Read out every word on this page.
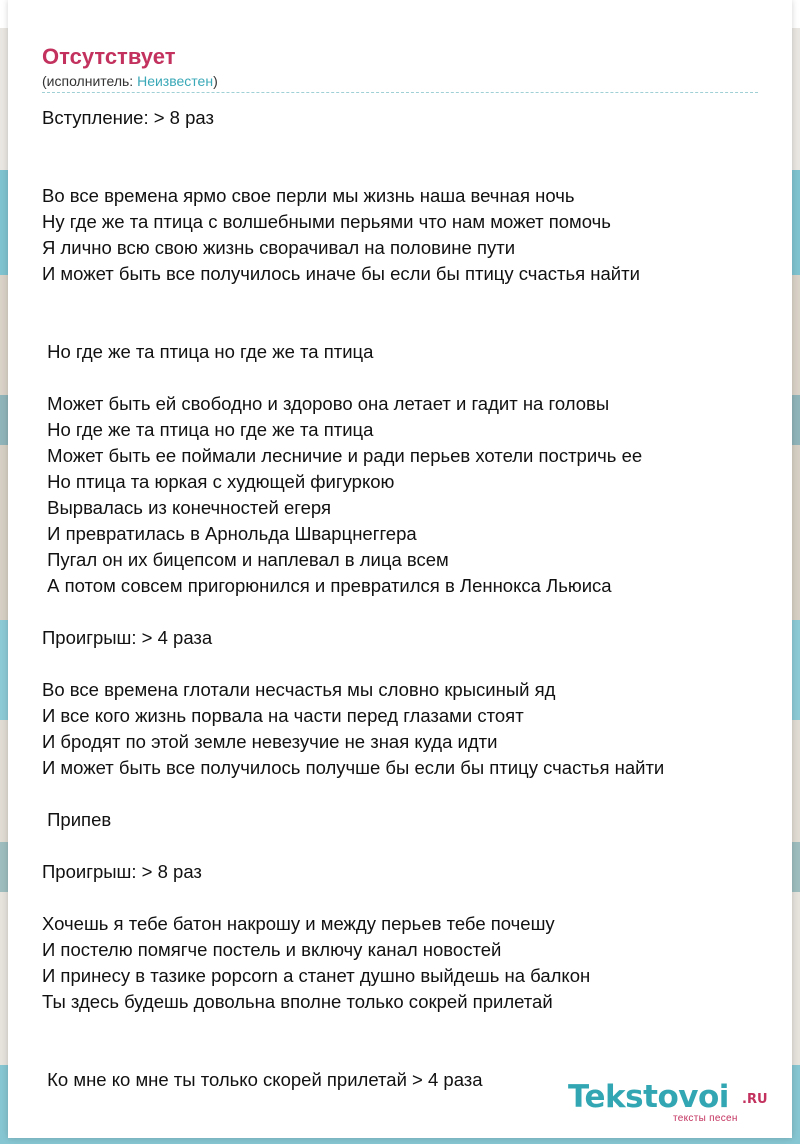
Отсутствует
(исполнитель: Неизвестен)
Вступление: > 8 раз
Во все времена ярмо свое перли мы жизнь наша вечная ночь
Ну где же та птица с волшебными перьями что нам может помочь
Я лично всю свою жизнь сворачивал на половине пути
И может быть все получилось иначе бы если бы птицу счастья найти
Но где же та птица но где же та птица
Может быть ей свободно и здорово она летает и гадит на головы
Но где же та птица но где же та птица
Может быть ее поймали лесничие и ради перьев хотели постричь ее
Но птица та юркая с худющей фигуркою
Вырвалась из конечностей егеря
И превратилась в Арнольда Шварцнеггера
Пугал он их бицепсом и наплевал в лица всем
А потом совсем пригорюнился и превратился в Леннокса Льюиса
Проигрыш: > 4 раза
Во все времена глотали несчастья мы словно крысиный яд
И все кого жизнь порвала на части перед глазами стоят
И бродят по этой земле невезучие не зная куда идти
И может быть все получилось получше бы если бы птицу счастья найти
Припев
Проигрыш: > 8 раз
Хочешь я тебе батон накрошу и между перьев тебе почешу
И постелю помягче постель и включу канал новостей
И принесу в тазике popcorn а станет душно выйдешь на балкон
Ты здесь будешь довольна вполне только сокрей прилетай
Ко мне ко мне ты только скорей прилетай > 4 раза	Tekstovoi .RU
тексты песен
